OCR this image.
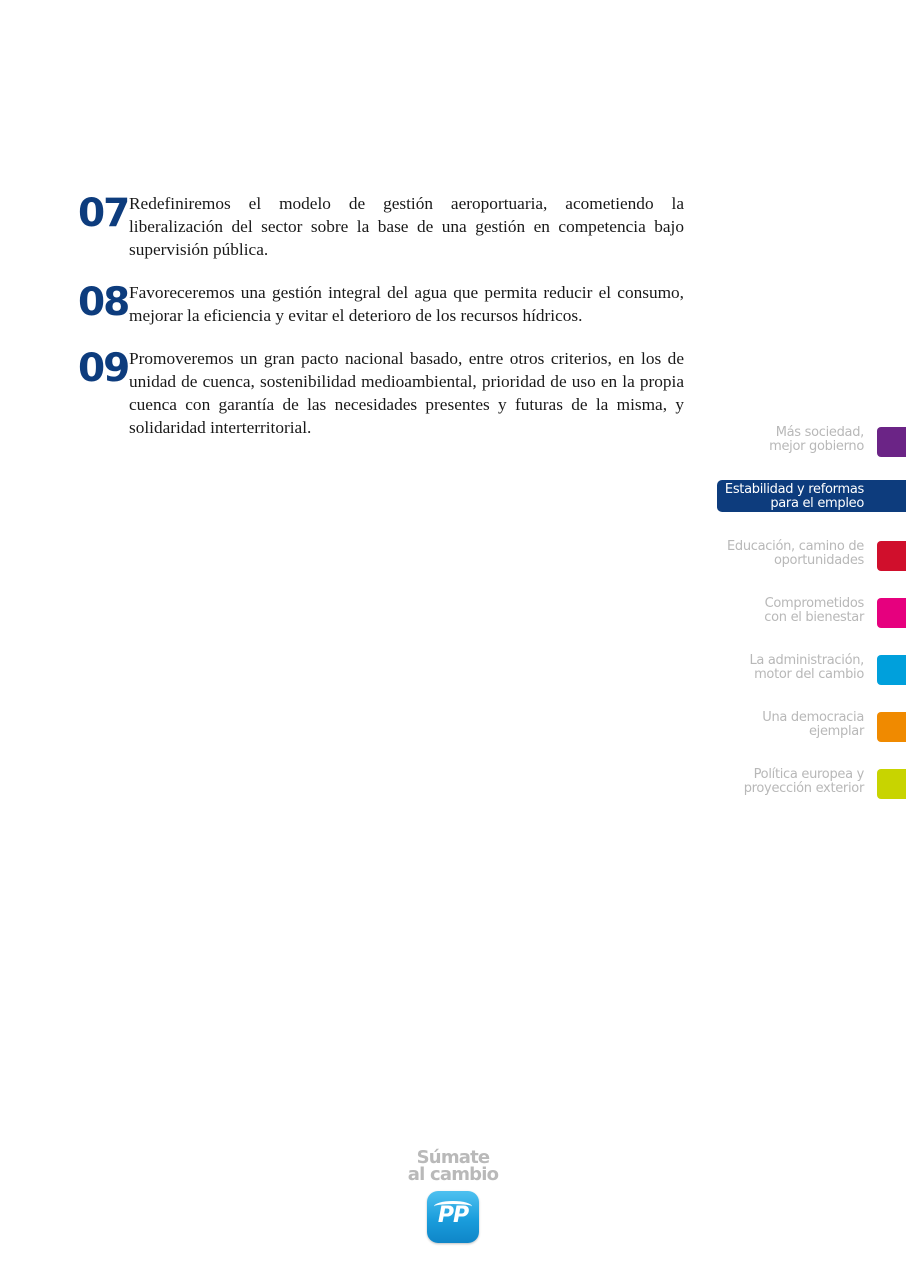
07 Redefiniremos el modelo de gestión aeroportuaria, acometiendo la liberalización del sector sobre la base de una gestión en competencia bajo supervisión pública.
08 Favoreceremos una gestión integral del agua que permita reducir el consumo, mejorar la eficiencia y evitar el deterioro de los recursos hídricos.
09 Promoveremos un gran pacto nacional basado, entre otros criterios, en los de unidad de cuenca, sostenibilidad medioambiental, prioridad de uso en la propia cuenca con garantía de las necesidades presentes y futuras de la misma, y solidaridad interterritorial.	Más sociedad,
mejor gobierno
Estabilidad y reformas
para el empleo
Educación, camino de
oportunidades
Comprometidos
con el bienestar
La administración,
motor del cambio
Una democracia
ejemplar
Política europea y
proyección exterior
Súmate
al cambio
PP
